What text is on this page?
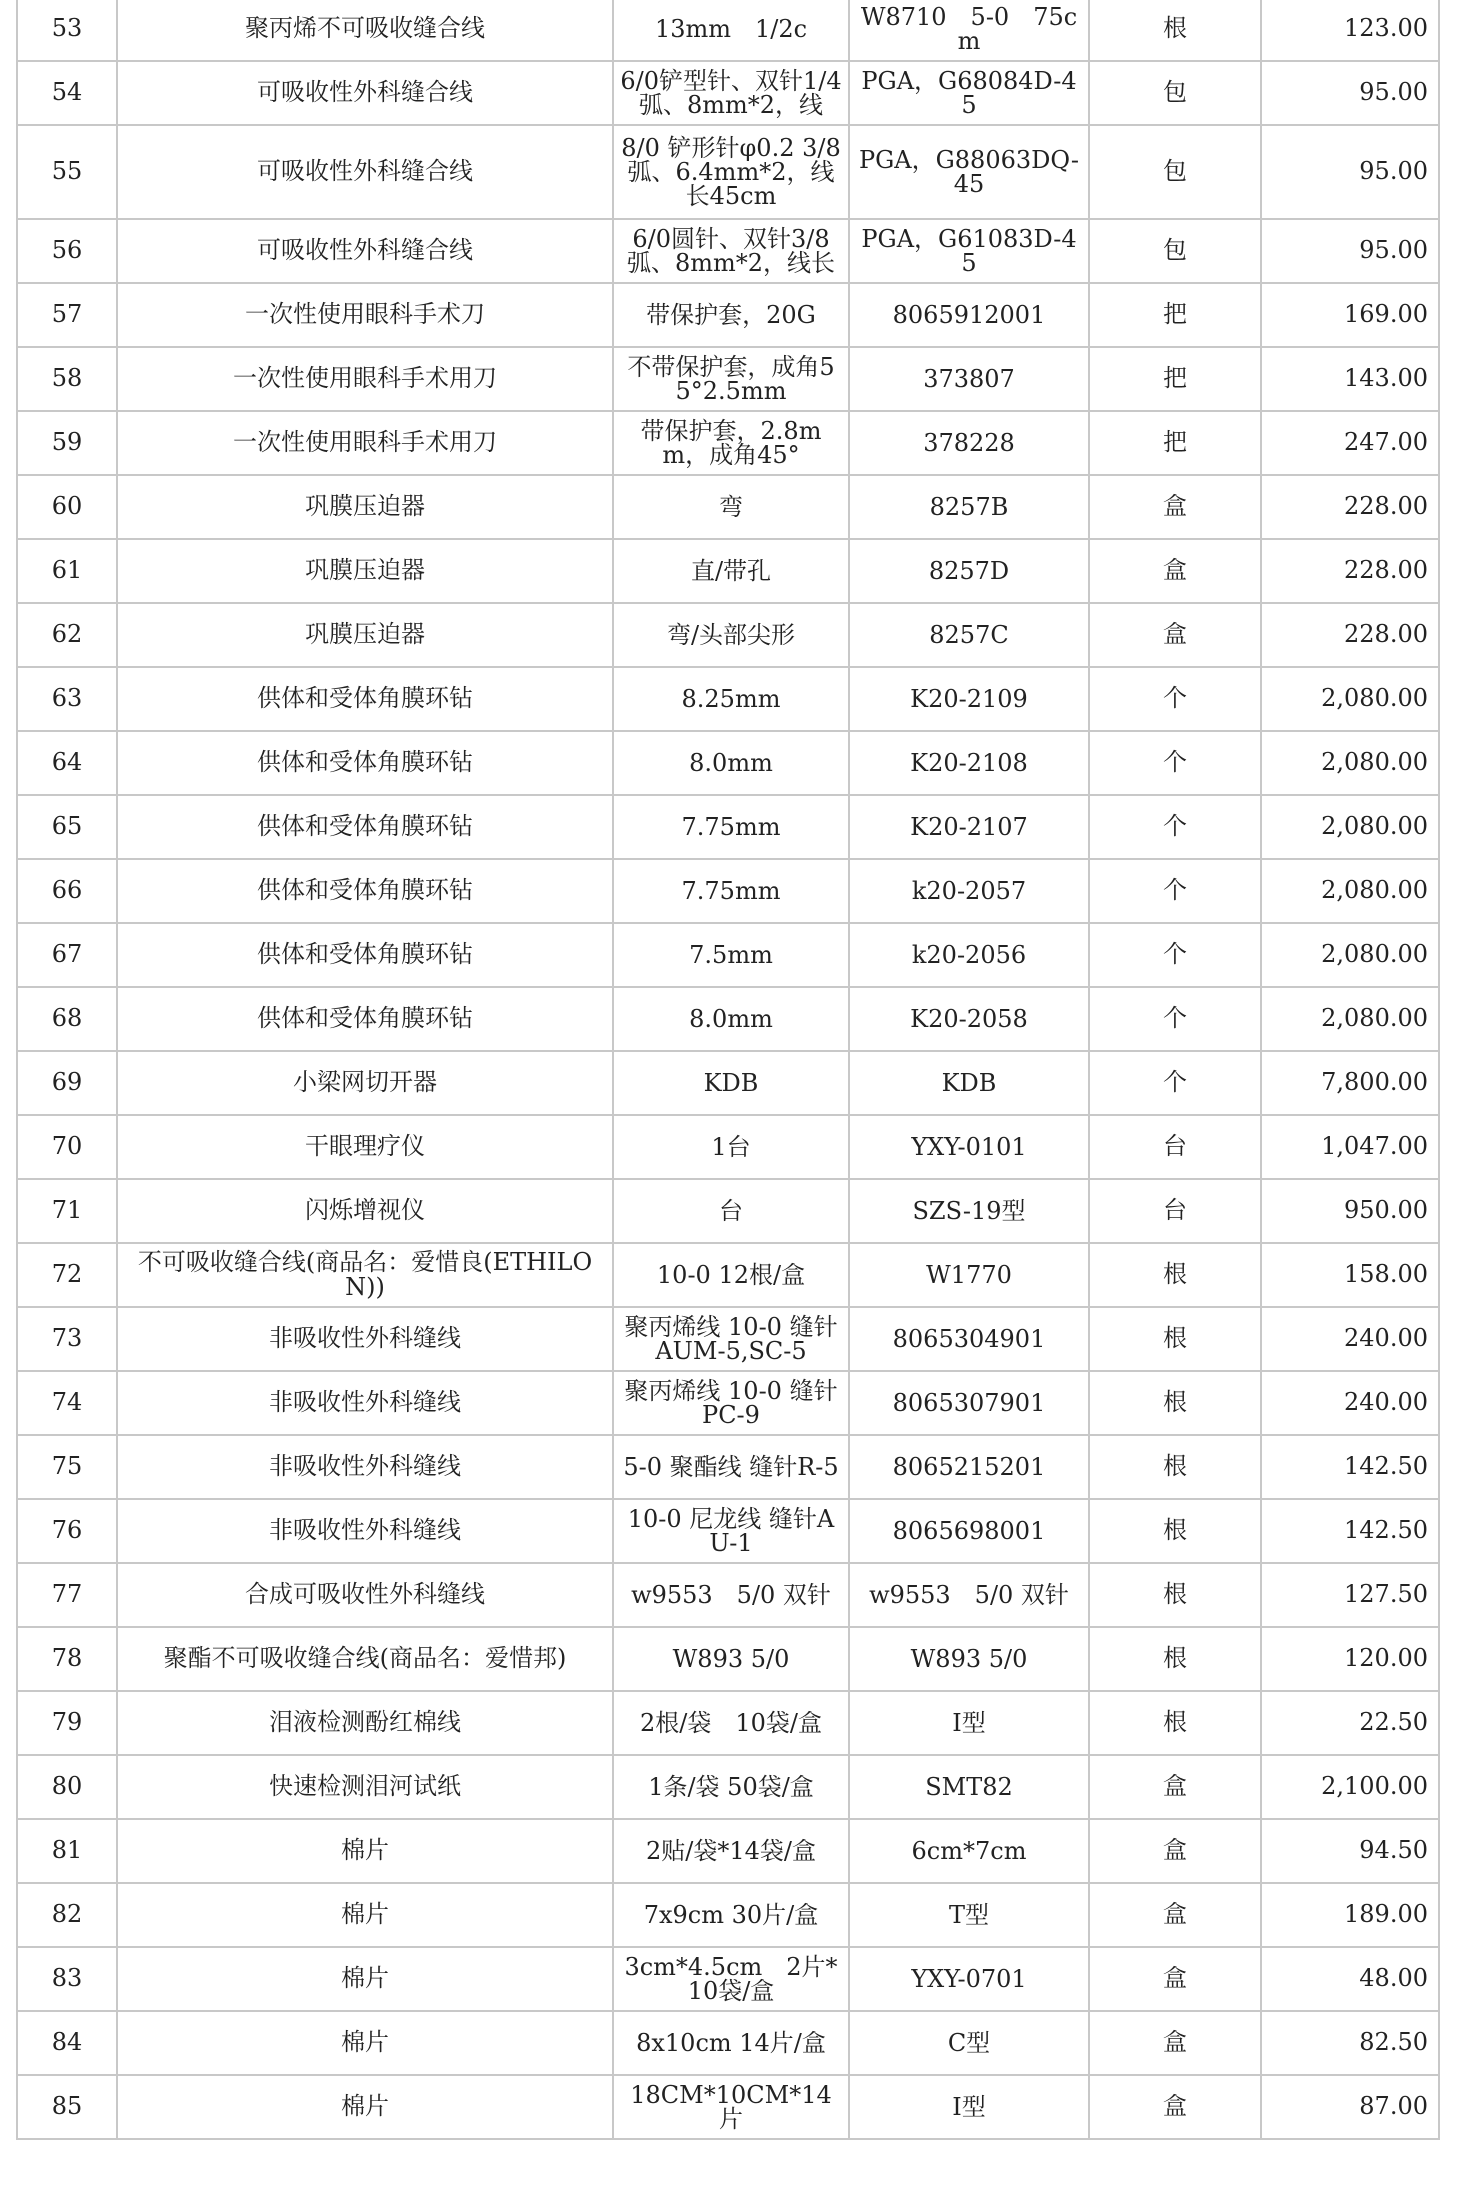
53	聚丙烯不可吸收缝合线	13mm　1/2c	W8710　5-0　75cm	根	123.00
54	可吸收性外科缝合线	6/0铲型针、双针1/4弧、8mm*2，线	PGA，G68084D-45	包	95.00
55	可吸收性外科缝合线	8/0 铲形针φ0.2 3/8弧、6.4mm*2，线长45cm	PGA，G88063DQ-45	包	95.00
56	可吸收性外科缝合线	6/0圆针、双针3/8弧、8mm*2，线长	PGA，G61083D-45	包	95.00
57	一次性使用眼科手术刀	带保护套，20G	8065912001	把	169.00
58	一次性使用眼科手术用刀	不带保护套，成角55°2.5mm	373807	把	143.00
59	一次性使用眼科手术用刀	带保护套，2.8mm，成角45°	378228	把	247.00
60	巩膜压迫器	弯	8257B	盒	228.00
61	巩膜压迫器	直/带孔	8257D	盒	228.00
62	巩膜压迫器	弯/头部尖形	8257C	盒	228.00
63	供体和受体角膜环钻	8.25mm	K20-2109	个	2,080.00
64	供体和受体角膜环钻	8.0mm	K20-2108	个	2,080.00
65	供体和受体角膜环钻	7.75mm	K20-2107	个	2,080.00
66	供体和受体角膜环钻	7.75mm	k20-2057	个	2,080.00
67	供体和受体角膜环钻	7.5mm	k20-2056	个	2,080.00
68	供体和受体角膜环钻	8.0mm	K20-2058	个	2,080.00
69	小梁网切开器	KDB	KDB	个	7,800.00
70	干眼理疗仪	1台	YXY-0101	台	1,047.00
71	闪烁增视仪	台	SZS-19型	台	950.00
72	不可吸收缝合线(商品名：爱惜良(ETHILON))	10-0 12根/盒	W1770	根	158.00
73	非吸收性外科缝线	聚丙烯线 10-0 缝针AUM-5,SC-5	8065304901	根	240.00
74	非吸收性外科缝线	聚丙烯线 10-0 缝针PC-9	8065307901	根	240.00
75	非吸收性外科缝线	5-0 聚酯线 缝针R-5	8065215201	根	142.50
76	非吸收性外科缝线	10-0 尼龙线 缝针AU-1	8065698001	根	142.50
77	合成可吸收性外科缝线	w9553　5/0 双针	w9553　5/0 双针	根	127.50
78	聚酯不可吸收缝合线(商品名：爱惜邦)	W893 5/0	W893 5/0	根	120.00
79	泪液检测酚红棉线	2根/袋　10袋/盒	Ⅰ型	根	22.50
80	快速检测泪河试纸	1条/袋 50袋/盒	SMT82	盒	2,100.00
81	棉片	2贴/袋*14袋/盒	6cm*7cm	盒	94.50
82	棉片	7x9cm 30片/盒	T型	盒	189.00
83	棉片	3cm*4.5cm　2片*10袋/盒	YXY-0701	盒	48.00
84	棉片	8x10cm 14片/盒	C型	盒	82.50
85	棉片	18CM*10CM*14片	Ⅰ型	盒	87.00
